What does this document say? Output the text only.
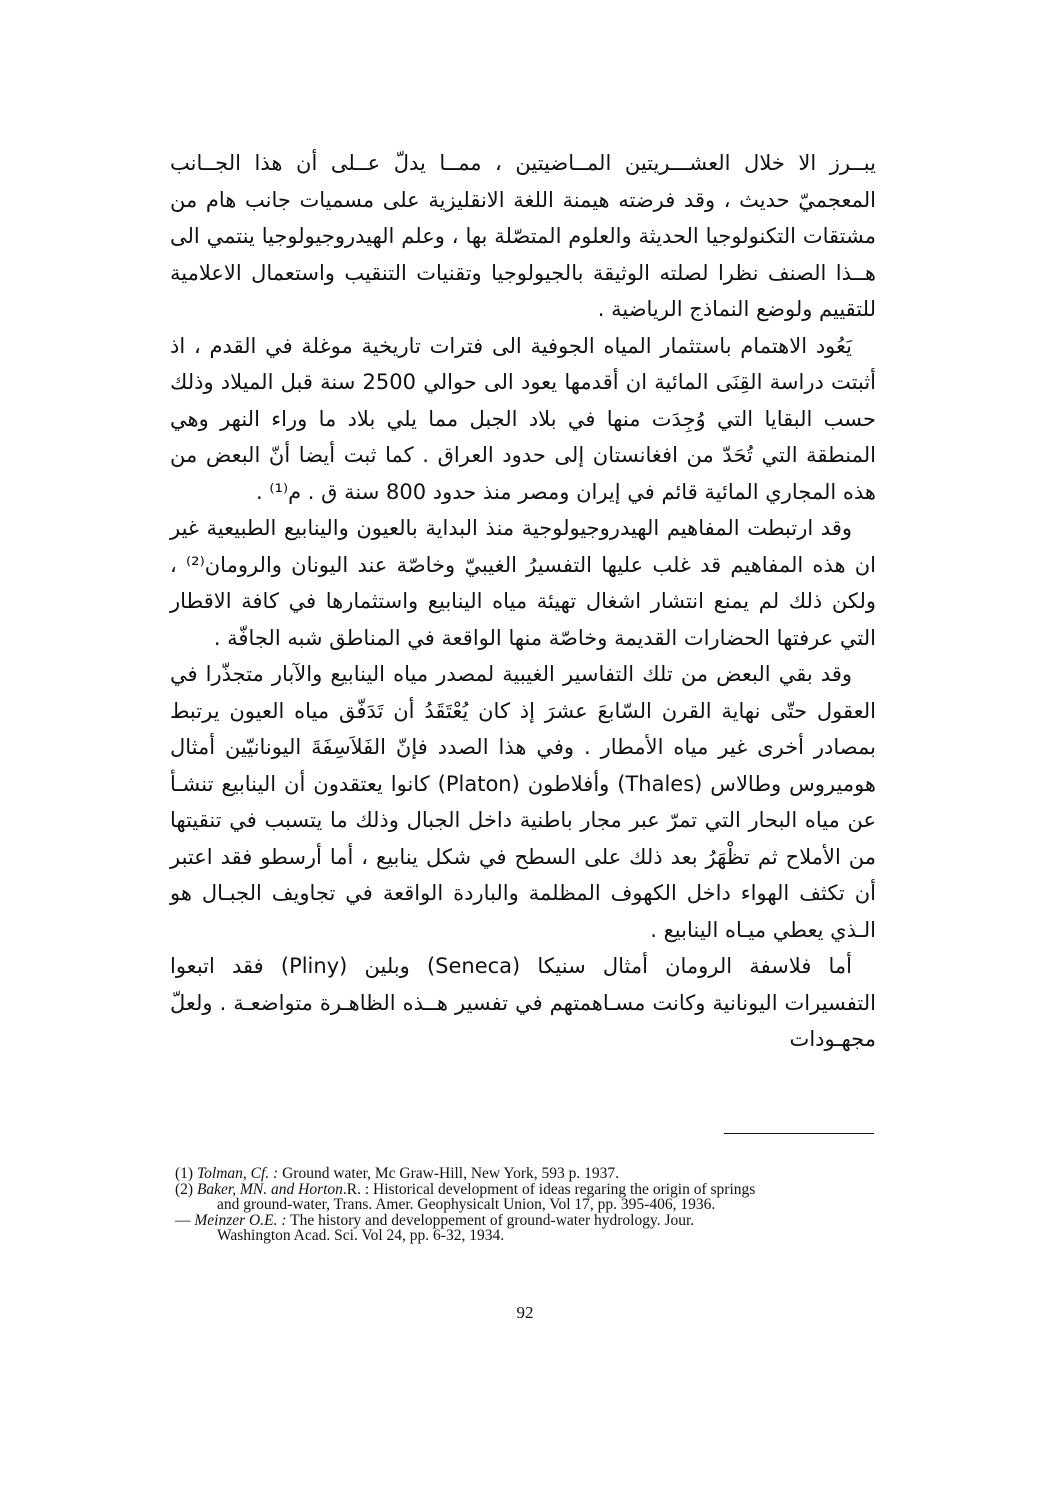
يبــرز الا خلال العشـــريتين المــاضيتين ، ممــا يدلّ عــلى أن هذا الجــانب المعجميّ حديث ، وقد فرضته هيمنة اللغة الانقليزية على مسميات جانب هام من مشتقات التكنولوجيا الحديثة والعلوم المتصّلة بها ، وعلم الهيدروجيولوجيا ينتمي الى هــذا الصنف نظرا لصلته الوثيقة بالجيولوجيا وتقنيات التنقيب واستعمال الاعلامية للتقييم ولوضع النماذج الرياضية .

يَعُود الاهتمام باستثمار المياه الجوفية الى فترات تاريخية موغلة في القدم ، اذ أثبتت دراسة القِنَى المائية ان أقدمها يعود الى حوالي 2500 سنة قبل الميلاد وذلك حسب البقايا التي وُجِدَت منها في بلاد الجبل مما يلي بلاد ما وراء النهر وهي المنطقة التي تُحَدّ من افغانستان إلى حدود العراق . كما ثبت أيضا أنّ البعض من هذه المجاري المائية قائم في إيران ومصر منذ حدود 800 سنة ق . م⁽¹⁾ .

وقد ارتبطت المفاهيم الهيدروجيولوجية منذ البداية بالعيون والينابيع الطبيعية غير ان هذه المفاهيم قد غلب عليها التفسيرُ الغيبيّ وخاصّة عند اليونان والرومان⁽²⁾ ، ولكن ذلك لم يمنع انتشار اشغال تهيئة مياه الينابيع واستثمارها في كافة الاقطار التي عرفتها الحضارات القديمة وخاصّة منها الواقعة في المناطق شبه الجافّة .

وقد بقي البعض من تلك التفاسير الغيبية لمصدر مياه الينابيع والآبار متجذّرا في العقول حتّى نهاية القرن السّابعَ عشرَ إذ كان يُعْتَقَدُ أن تَدَفّق مياه العيون يرتبط بمصادر أخرى غير مياه الأمطار . وفي هذا الصدد فإنّ الفَلاَسِفَةَ اليونانيّين أمثال هوميروس وطالاس (Thales) وأفلاطون (Platon) كانوا يعتقدون أن الينابيع تنشـأ عن مياه البحار التي تمرّ عبر مجار باطنية داخل الجبال وذلك ما يتسبب في تنقيتها من الأملاح ثم تظْهَرُ بعد ذلك على السطح في شكل ينابيع ، أما أرسطو فقد اعتبر أن تكثف الهواء داخل الكهوف المظلمة والباردة الواقعة في تجاويف الجبـال هو الـذي يعطي ميـاه الينابيع .

أما فلاسفة الرومان أمثال سنيكا (Seneca) وبلين (Pliny) فقد اتبعوا التفسيرات اليونانية وكانت مسـاهمتهم في تفسير هــذه الظاهـرة متواضعـة . ولعلّ مجهـودات

(1) Tolman, Cf. : Ground water, Mc Graw-Hill, New York, 593 p. 1937.

(2) Baker, MN. and Horton.R. : Historical development of ideas regaring the origin of springs

and ground-water, Trans. Amer. Geophysicalt Union, Vol 17, pp. 395-406, 1936.

— Meinzer O.E. : The history and developpement of ground-water hydrology. Jour.

Washington Acad. Sci. Vol 24, pp. 6-32, 1934.

92
